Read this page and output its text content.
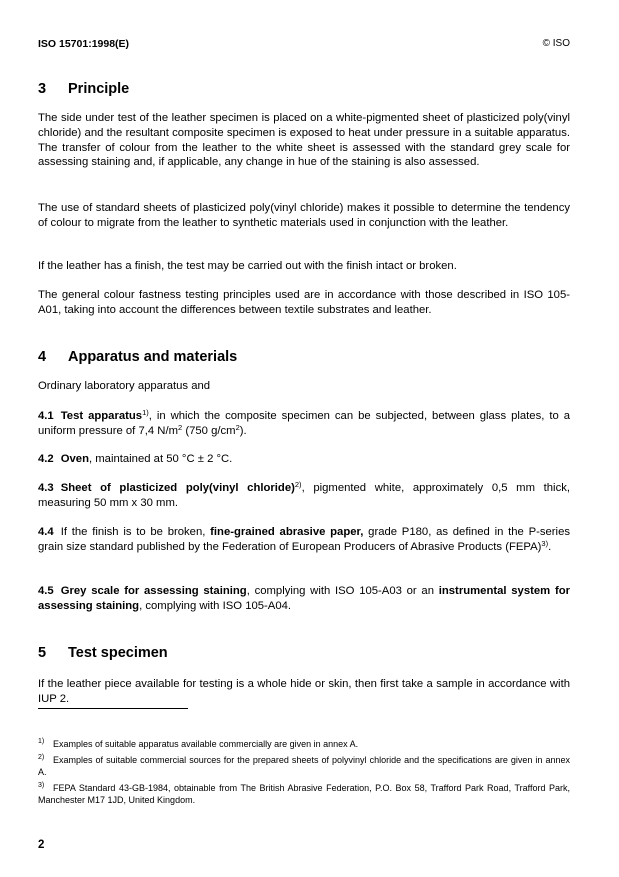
ISO 15701:1998(E)	© ISO
3 Principle

The side under test of the leather specimen is placed on a white-pigmented sheet of plasticized poly(vinyl chloride) and the resultant composite specimen is exposed to heat under pressure in a suitable apparatus. The transfer of colour from the leather to the white sheet is assessed with the standard grey scale for assessing staining and, if applicable, any change in hue of the staining is also assessed.

The use of standard sheets of plasticized poly(vinyl chloride) makes it possible to determine the tendency of colour to migrate from the leather to synthetic materials used in conjunction with the leather.

If the leather has a finish, the test may be carried out with the finish intact or broken.

The general colour fastness testing principles used are in accordance with those described in ISO 105-A01, taking into account the differences between textile substrates and leather.

4 Apparatus and materials

Ordinary laboratory apparatus and

4.1 Test apparatus$^{1)}$, in which the composite specimen can be subjected, between glass plates, to a uniform pressure of 7,4 $N/m^2$ (750 $g/cm^2$).

4.2 Oven, maintained at 50 °C ± 2 °C.

4.3 Sheet of plasticized poly(vinyl chloride)$^{2)}$, pigmented white, approximately 0,5 mm thick, measuring 50 mm x 30 mm.

4.4 If the finish is to be broken, fine-grained abrasive paper, grade P180, as defined in the P-series grain size standard published by the Federation of European Producers of Abrasive Products (FEPA)$^{3)}$.

4.5 Grey scale for assessing staining, complying with ISO 105-A03 or an instrumental system for assessing staining, complying with ISO 105-A04.

5 Test specimen

If the leather piece available for testing is a whole hide or skin, then first take a sample in accordance with IUP 2.

$^{1)}$ Examples of suitable apparatus available commercially are given in annex A.

$^{2)}$ Examples of suitable commercial sources for the prepared sheets of polyvinyl chloride and the specifications are given in annex A.

$^{3)}$ FEPA Standard 43-GB-1984, obtainable from The British Abrasive Federation, P.O. Box 58, Trafford Park Road, Trafford Park, Manchester M17 1JD, United Kingdom.

2
